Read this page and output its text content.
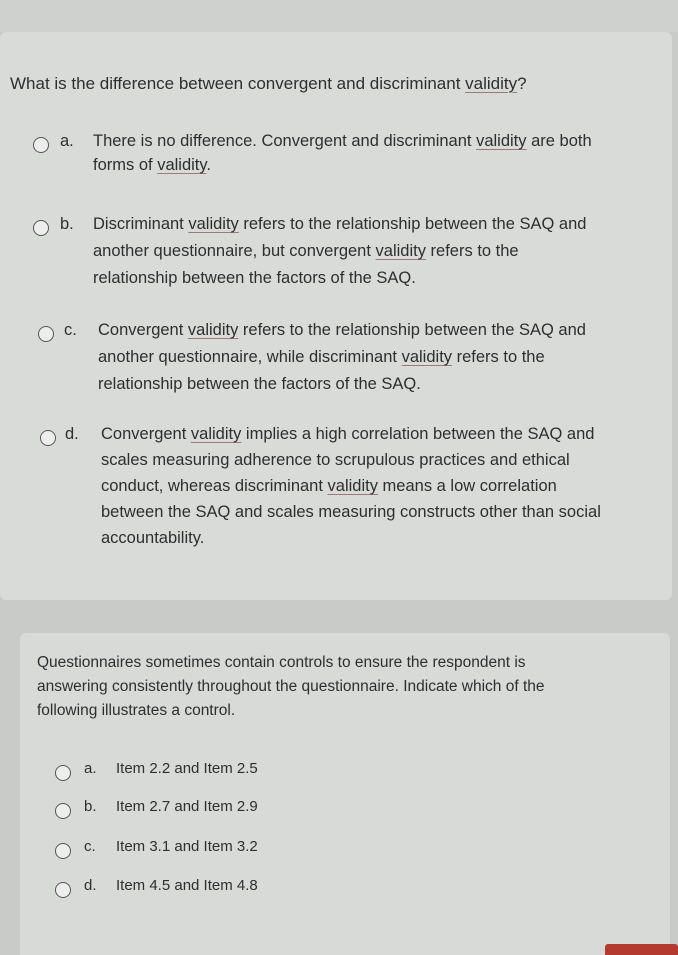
What is the difference between convergent and discriminant validity?
a. There is no difference. Convergent and discriminant validity are both
forms of validity.
b. Discriminant validity refers to the relationship between the SAQ and
another questionnaire, but convergent validity refers to the
relationship between the factors of the SAQ.
c. Convergent validity refers to the relationship between the SAQ and
another questionnaire, while discriminant validity refers to the
relationship between the factors of the SAQ.
d. Convergent validity implies a high correlation between the SAQ and
scales measuring adherence to scrupulous practices and ethical
conduct, whereas discriminant validity means a low correlation
between the SAQ and scales measuring constructs other than social
accountability.
Questionnaires sometimes contain controls to ensure the respondent is
answering consistently throughout the questionnaire. Indicate which of the
following illustrates a control.
a. Item 2.2 and Item 2.5
b. Item 2.7 and Item 2.9
c. Item 3.1 and Item 3.2
d. Item 4.5 and Item 4.8
